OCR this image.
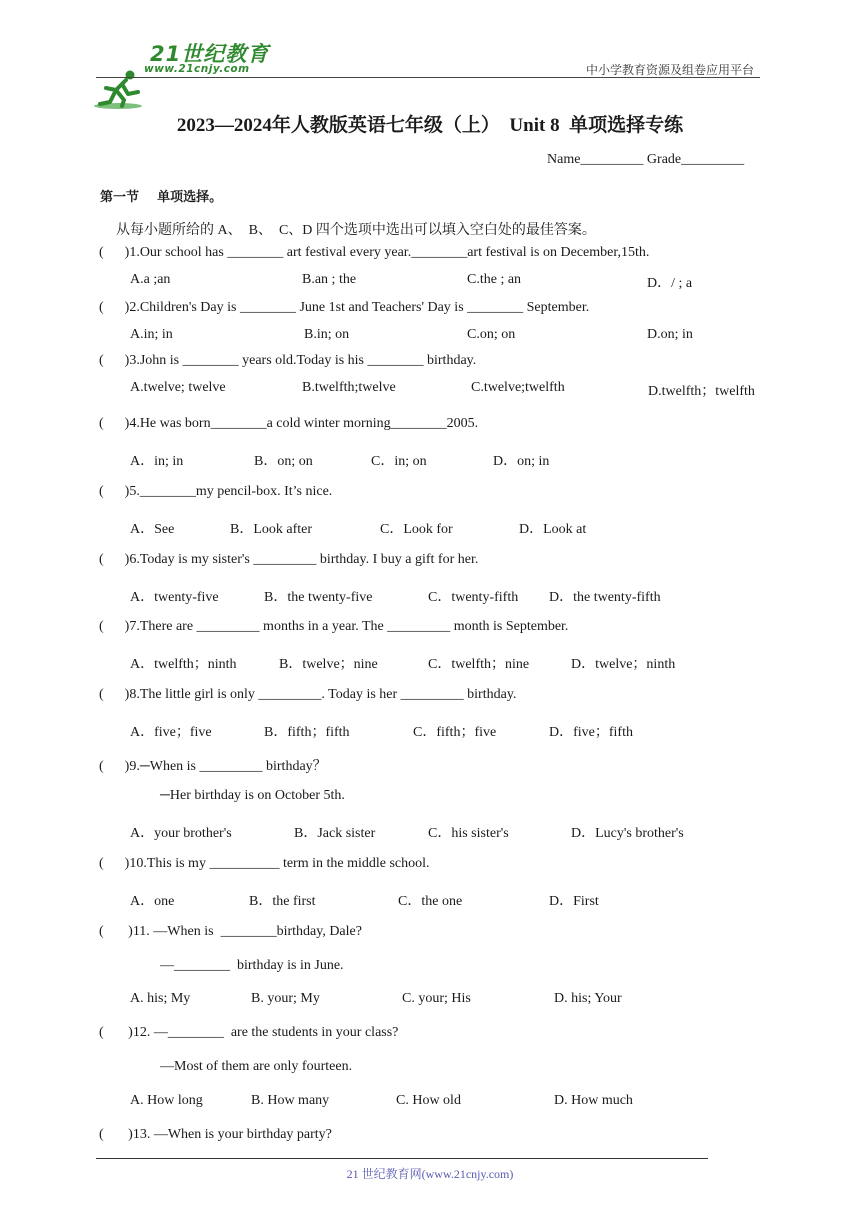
21世纪教育

www.21cnjy.com	中小学教育资源及组卷应用平台
2023—2024年人教版英语七年级（上）  Unit 8  单项选择专练
Name_________ Grade_________
第一节    单项选择。
从每小题所给的 A、  B、  C、D 四个选项中选出可以填入空白处的最佳答案。
(      )1.Our school has ________ art festival every year.________art festival is on December,15th.
A.a ;an	B.an ; the	C.the ; an	D．/ ; a
(      )2.Children's Day is ________ June 1st and Teachers' Day is ________ September.
A.in; in	B.in; on	C.on; on	D.on; in
(      )3.John is ________ years old.Today is his ________ birthday.
A.twelve; twelve	B.twelfth;twelve	C.twelve;twelfth	D.twelfth；twelfth
(      )4.He was born________a cold winter morning________2005.
A．in; in	B．on; on	C．in; on	D．on; in
(      )5.________my pencil-box. It’s nice.
A．See	B．Look after	C．Look for	D．Look at
(      )6.Today is my sister's _________ birthday. I buy a gift for her.
A．twenty-five	B．the twenty-five	C．twenty-fifth D．the twenty-fifth
(      )7.There are _________ months in a year. The _________ month is September.
A．twelfth；ninth	B．twelve；nine	C．twelfth；nine	D．twelve；ninth
(      )8.The little girl is only _________. Today is her _________ birthday.
A．five；five	B．fifth；fifth	C．fifth；five	D．five；fifth
(      )9.─When is _________ birthday？
─Her birthday is on October 5th.
A．your brother's	B．Jack sister	C．his sister's	D．Lucy's brother's
(      )10.This is my __________ term in the middle school.
A．one	B．the first	C．the one	D．First
(       )11. —When is  ________birthday, Dale?
—________  birthday is in June.
A. his; My	B. your; My	C. your; His	D. his; Your
(       )12. —________  are the students in your class?
—Most of them are only fourteen.
A. How long	B. How many	C. How old	D. How much
(       )13. —When is your birthday party?
21 世纪教育网(www.21cnjy.com)
